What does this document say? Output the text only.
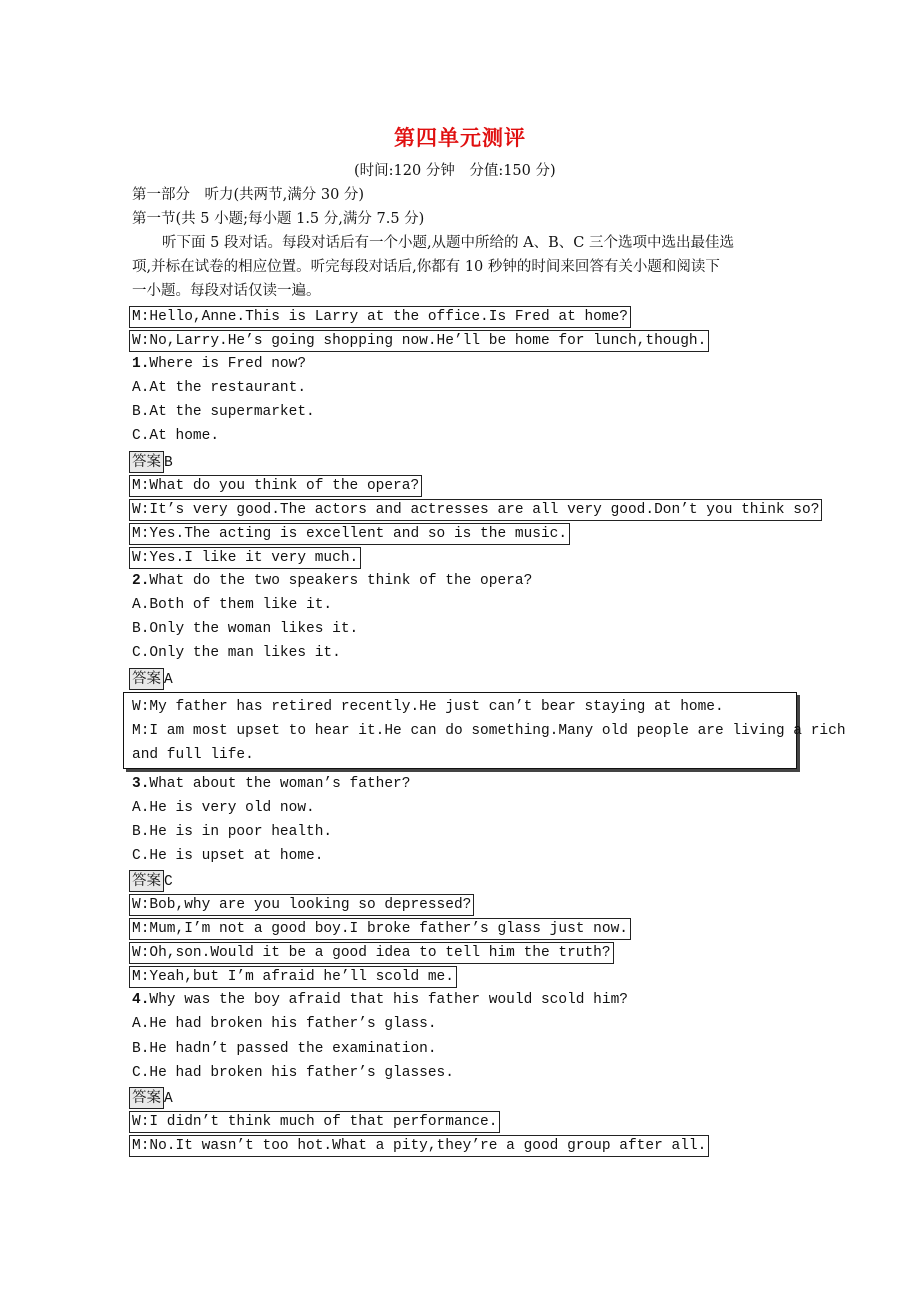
第四单元测评
(时间:120 分钟　分值:150 分)
第一部分　听力(共两节,满分 30 分)
第一节(共 5 小题;每小题 1.5 分,满分 7.5 分)
听下面 5 段对话。每段对话后有一个小题,从题中所给的 A、B、C 三个选项中选出最佳选
项,并标在试卷的相应位置。听完每段对话后,你都有 10 秒钟的时间来回答有关小题和阅读下
一小题。每段对话仅读一遍。
M:Hello,Anne.This is Larry at the office.Is Fred at home?
W:No,Larry.He’s going shopping now.He’ll be home for lunch,though.
1.Where is Fred now?
A.At the restaurant.
B.At the supermarket.
C.At home.
答案 B
M:What do you think of the opera?
W:It’s very good.The actors and actresses are all very good.Don’t you think so?
M:Yes.The acting is excellent and so is the music.
W:Yes.I like it very much.
2.What do the two speakers think of the opera?
A.Both of them like it.
B.Only the woman likes it.
C.Only the man likes it.
答案 A
W:My father has retired recently.He just can’t bear staying at home.
M:I am most upset to hear it.He can do something.Many old people are living a rich
and full life.
3.What about the woman’s father?
A.He is very old now.
B.He is in poor health.
C.He is upset at home.
答案 C
W:Bob,why are you looking so depressed?
M:Mum,I’m not a good boy.I broke father’s glass just now.
W:Oh,son.Would it be a good idea to tell him the truth?
M:Yeah,but I’m afraid he’ll scold me.
4.Why was the boy afraid that his father would scold him?
A.He had broken his father’s glass.
B.He hadn’t passed the examination.
C.He had broken his father’s glasses.
答案 A
W:I didn’t think much of that performance.
M:No.It wasn’t too hot.What a pity,they’re a good group after all.
